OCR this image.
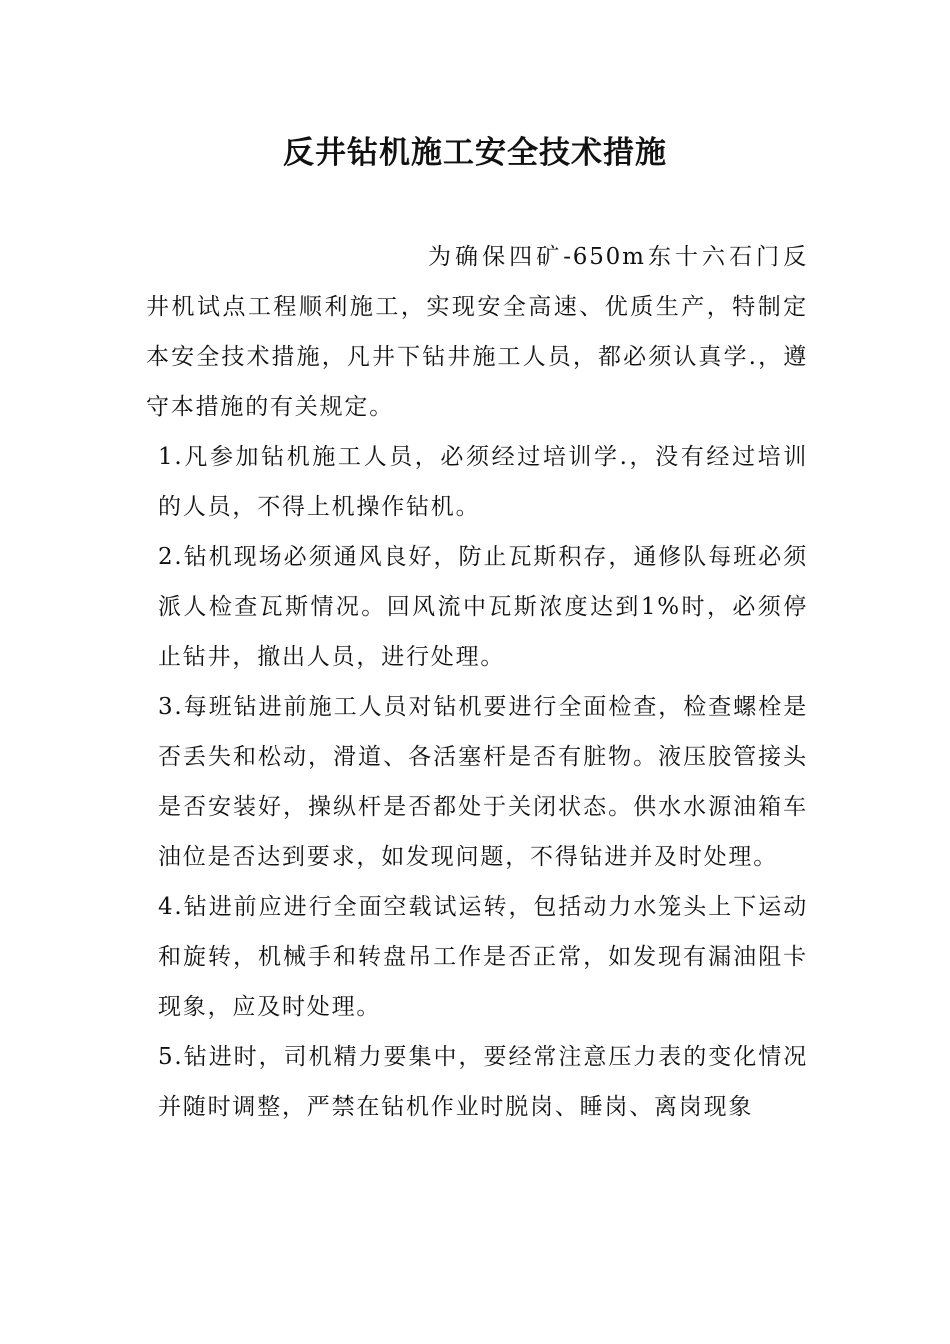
反井钻机施工安全技术措施

为确保四矿-650m东十六石门反井机试点工程顺利施工，实现安全高速、优质生产，特制定本安全技术措施，凡井下钻井施工人员，都必须认真学.，遵守本措施的有关规定。

1.凡参加钻机施工人员，必须经过培训学.，没有经过培训的人员，不得上机操作钻机。

2.钻机现场必须通风良好，防止瓦斯积存，通修队每班必须派人检查瓦斯情况。回风流中瓦斯浓度达到1%时，必须停止钻井，撤出人员，进行处理。

3.每班钻进前施工人员对钻机要进行全面检查，检查螺栓是否丢失和松动，滑道、各活塞杆是否有脏物。液压胶管接头是否安装好，操纵杆是否都处于关闭状态。供水水源油箱车油位是否达到要求，如发现问题，不得钻进并及时处理。

4.钻进前应进行全面空载试运转，包括动力水笼头上下运动和旋转，机械手和转盘吊工作是否正常，如发现有漏油阻卡现象，应及时处理。

5.钻进时，司机精力要集中，要经常注意压力表的变化情况并随时调整，严禁在钻机作业时脱岗、睡岗、离岗现象
